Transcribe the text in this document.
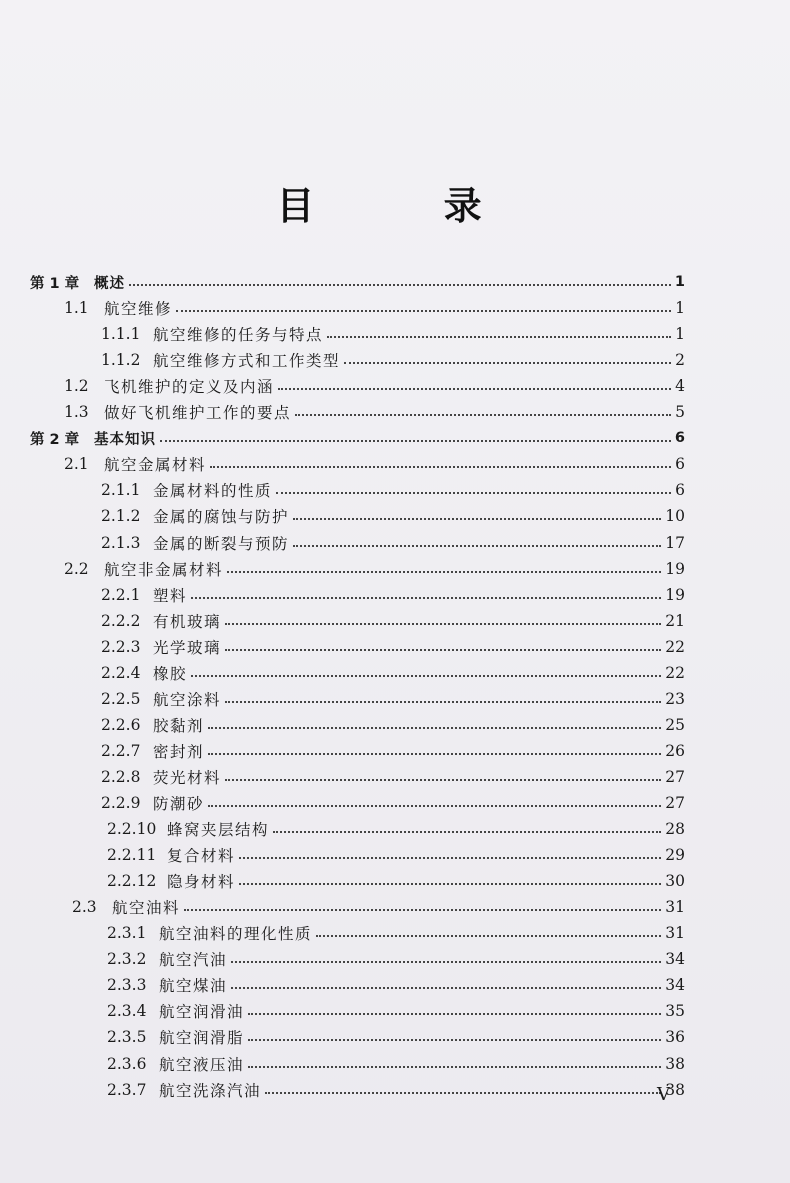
目 录
第 1 章	概述	1
1.1 航空维修	1
1.1.1 航空维修的任务与特点	1
1.1.2 航空维修方式和工作类型	2
1.2 飞机维护的定义及内涵	4
1.3 做好飞机维护工作的要点	5
第 2 章	基本知识	6
2.1 航空金属材料	6
2.1.1 金属材料的性质	6
2.1.2 金属的腐蚀与防护	10
2.1.3 金属的断裂与预防	17
2.2 航空非金属材料	19
2.2.1 塑料	19
2.2.2 有机玻璃	21
2.2.3 光学玻璃	22
2.2.4 橡胶	22
2.2.5 航空涂料	23
2.2.6 胶黏剂	25
2.2.7 密封剂	26
2.2.8 荧光材料	27
2.2.9 防潮砂	27
2.2.10 蜂窝夹层结构	28
2.2.11 复合材料	29
2.2.12 隐身材料	30
2.3 航空油料	31
2.3.1 航空油料的理化性质	31
2.3.2 航空汽油	34
2.3.3 航空煤油	34
2.3.4 航空润滑油	35
2.3.5 航空润滑脂	36
2.3.6 航空液压油	38
2.3.7 航空洗涤汽油	38
V
